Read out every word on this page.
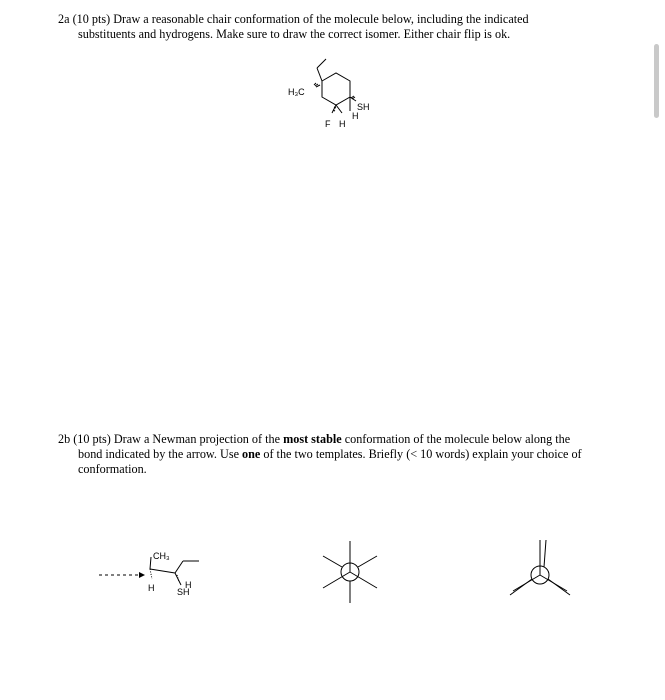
2a (10 pts) Draw a reasonable chair conformation of the molecule below, including the indicated
substituents and hydrogens. Make sure to draw the correct isomer. Either chair flip is ok.
H₃C
SH
H
F H
2b (10 pts) Draw a Newman projection of the most stable conformation of the molecule below along the
bond indicated by the arrow. Use one of the two templates. Briefly (< 10 words) explain your choice of
conformation.
CH₃
H	H
SH
